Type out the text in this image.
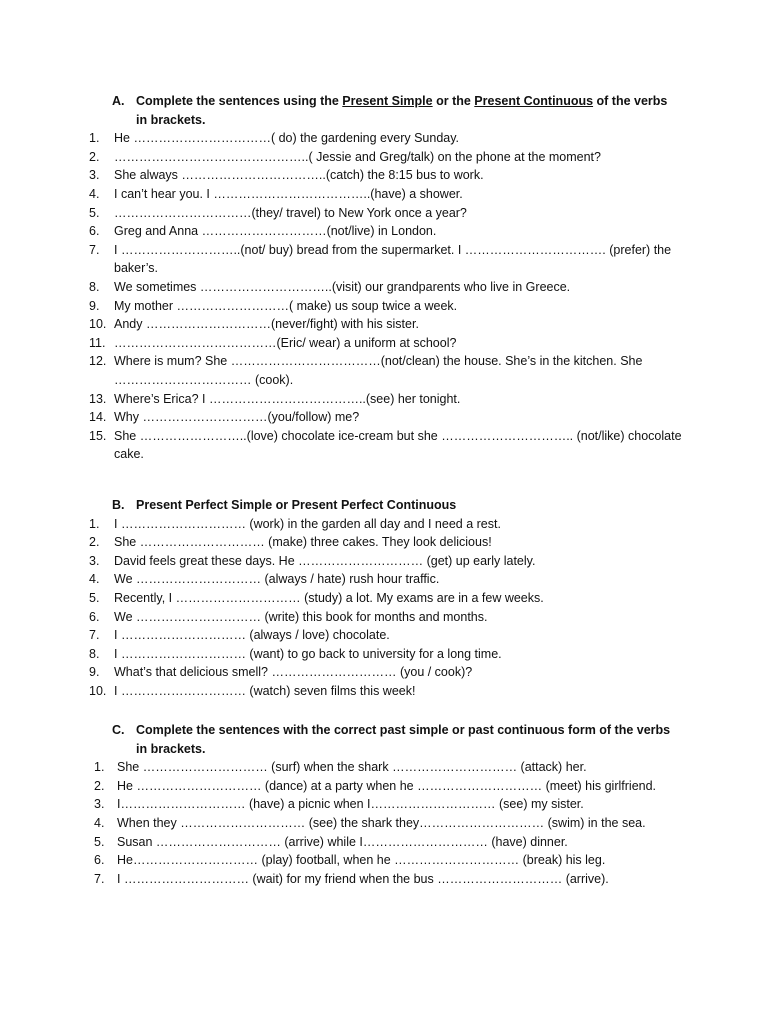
A. Complete the sentences using the Present Simple or the Present Continuous of the verbs in brackets.
1. He ……………………………( do) the gardening every Sunday.
2. ………………………………………..( Jessie and Greg/talk) on the phone at the moment?
3. She always ……………………………..(catch) the 8:15 bus to work.
4. I can’t hear you. I ………………………………..(have) a shower.
5. ……………………………(they/ travel) to New York once a year?
6. Greg and Anna …………………………(not/live) in London.
7. I ………………………..(not/ buy) bread from the supermarket. I ……………………………. (prefer) the baker’s.
8. We sometimes …………………………..(visit) our grandparents who live in Greece.
9. My mother ………………………( make) us soup twice a week.
10. Andy …………………………(never/fight) with his sister.
11. …………………………………(Eric/ wear) a uniform at school?
12. Where is mum? She ………………………………(not/clean) the house. She’s in the kitchen. She …………………………… (cook).
13. Where’s Erica? I ………………………………..(see) her tonight.
14. Why …………………………(you/follow) me?
15. She ……………………..(love) chocolate ice-cream but she ………………………….. (not/like) chocolate cake.
B. Present Perfect Simple or Present Perfect Continuous
1. I ………………………… (work) in the garden all day and I need a rest.
2. She ………………………… (make) three cakes. They look delicious!
3. David feels great these days. He ………………………… (get) up early lately.
4. We ………………………… (always / hate) rush hour traffic.
5. Recently, I ………………………… (study) a lot. My exams are in a few weeks.
6. We ………………………… (write) this book for months and months.
7. I ………………………… (always / love) chocolate.
8. I ………………………… (want) to go back to university for a long time.
9. What’s that delicious smell? ………………………… (you / cook)?
10. I ………………………… (watch) seven films this week!
C. Complete the sentences with the correct past simple or past continuous form of the verbs in brackets.
1. She ………………………… (surf) when the shark ………………………… (attack) her.
2. He ………………………… (dance) at a party when he ………………………… (meet) his girlfriend.
3. I………………………… (have) a picnic when I………………………… (see) my sister.
4. When they ………………………… (see) the shark they………………………… (swim) in the sea.
5. Susan ………………………… (arrive) while I………………………… (have) dinner.
6. He………………………… (play) football, when he ………………………… (break) his leg.
7. I ………………………… (wait) for my friend when the bus ………………………… (arrive).
